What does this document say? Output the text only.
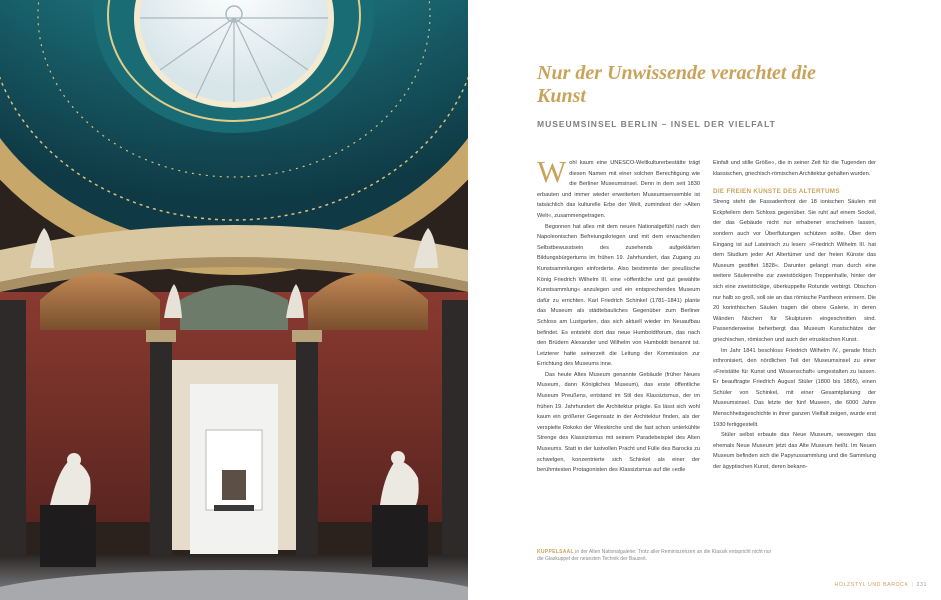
Nur der Unwissende verachtet die Kunst
MUSEUMSINSEL BERLIN – INSEL DER VIELFALT

Wohl kaum eine UNESCO-Weltkulturerbestätte trägt diesen Namen mit einer solchen Berechtigung wie die Berliner Museumsinsel. Denn in dem seit 1830 erbauten und immer wieder erweiterten Museumsensemble ist tatsächlich das kulturelle Erbe der Welt, zumindest der »Alten Welt«, zusammengetragen.

Begonnen hat alles mit dem neuen Nationalgefühl nach den Napoleonischen Befreiungskriegen und mit dem erwachenden Selbstbewusstsein des zusehends aufgeklärten Bildungsbürgertums im frühen 19. Jahrhundert, das Zugang zu Kunstsammlungen einforderte. Also bestimmte der preußische König Friedrich Wilhelm III. eine »öffentliche und gut gewählte Kunstsammlung« anzulegen und ein entsprechendes Museum dafür zu errichten. Karl Friedrich Schinkel (1781–1841) plante das Museum als städtebauliches Gegenüber zum Berliner Schloss am Lustgarten, das sich aktuell wieder im Neuaufbau befindet. Es entsteht dort das neue Humboldtforum, das nach den Brüdern Alexander und Wilhelm von Humboldt benannt ist. Letzterer hatte seinerzeit die Leitung der Kommission zur Errichtung des Museums inne.

Das heute Altes Museum genannte Gebäude (früher Neues Museum, dann Königliches Museum), das erste öffentliche Museum Preußens, entstand im Stil des Klassizismus, der im frühen 19. Jahrhundert die Architektur prägte. Es lässt sich wohl kaum ein größerer Gegensatz in der Architektur finden, als der verspielte Rokoko der Wieskirche und die fast schon unterkühlte Strenge des Klassizismus mit seinem Paradebeispiel des Alten Museums. Statt in der lustvollen Pracht und Fülle des Barocks zu schwelgen, konzentrierte sich Schinkel als einer der berühmtesten Protagonisten des Klassizismus auf die »edle

Einfalt und stille Größe«, die in seiner Zeit für die Tugenden der klassischen, griechisch-römischen Architektur gehalten wurden.

DIE FREIEN KÜNSTE DES ALTERTUMS

Streng steht die Fassadenfront der 18 ionischen Säulen mit Eckpfeilern dem Schloss gegenüber. Sie ruht auf einem Sockel, der das Gebäude nicht nur erhabener erscheinen lassen, sondern auch vor Überflutungen schützen sollte. Über dem Eingang ist auf Lateinisch zu lesen: »Friedrich Wilhelm III. hat dem Studium jeder Art Altertümer und der freien Künste das Museum gestiftet 1828«. Darunter gelangt man durch eine weitere Säulenreihe zur zweistöckigen Treppenhalle, hinter der sich eine zweistöckige, überkuppelte Rotunde verbirgt. Obschon nur halb so groß, soll sie an das römische Pantheon erinnern. Die 20 korinthischen Säulen tragen die obere Galerie, in deren Wänden Nischen für Skulpturen eingeschnitten sind. Passenderweise beherbergt das Museum Kunstschätze der griechischen, römischen und auch der etruskischen Kunst.

Im Jahr 1841 beschloss Friedrich Wilhelm IV., gerade frisch inthronisiert, den nördlichen Teil der Museumsinsel zu einer »Freistätte für Kunst und Wissenschaft« umgestalten zu lassen. Er beauftragte Friedrich August Stüler (1800 bis 1865), einen Schüler von Schinkel, mit einer Gesamtplanung der Museumsinsel. Das letzte der fünf Museen, die 6000 Jahre Menschheitsgeschichte in ihrer ganzen Vielfalt zeigen, wurde erst 1930 fertiggestellt.

Stüler selbst erbaute das Neue Museum, weswegen das ehemals Neue Museum jetzt das Alte Museum heißt. Im Neuen Museum befinden sich die Papyrussammlung und die Sammlung der ägyptischen Kunst, deren bekann-

KUPPELSAAL in der Alten Nationalgalerie: Trotz aller Reminiszenzen an die Klassik entspricht nicht nur die Glaskuppel der neuesten Technik der Bauzeit.
HOLZSTYL UND BAROCK | 231
